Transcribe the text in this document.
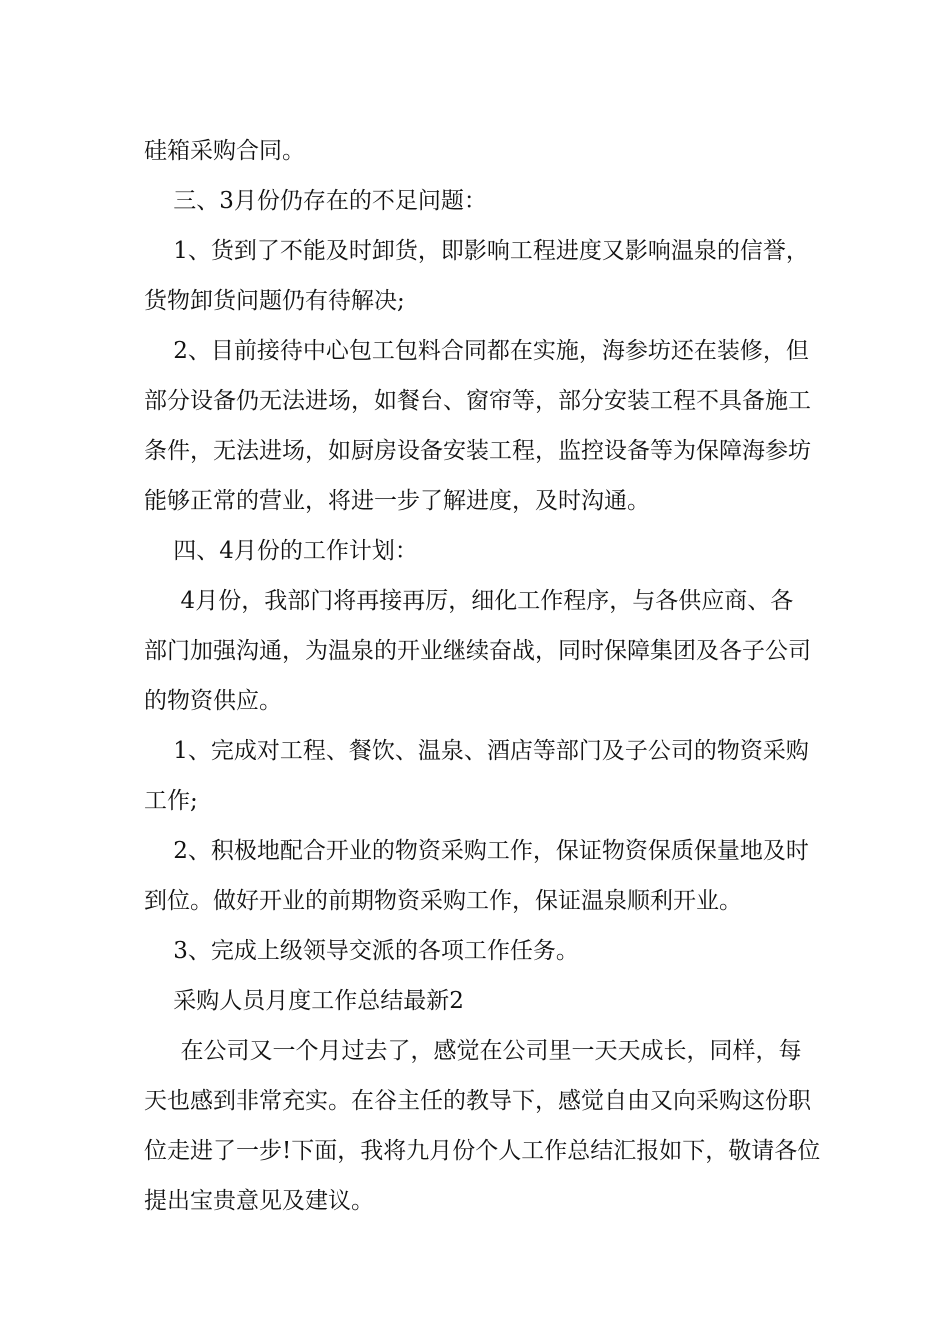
硅箱采购合同。

三、3月份仍存在的不足问题：

1、货到了不能及时卸货，即影响工程进度又影响温泉的信誉，

货物卸货问题仍有待解决;

2、目前接待中心包工包料合同都在实施，海参坊还在装修，但

部分设备仍无法进场，如餐台、窗帘等，部分安装工程不具备施工

条件，无法进场，如厨房设备安装工程，监控设备等为保障海参坊

能够正常的营业，将进一步了解进度，及时沟通。

四、4月份的工作计划：

4月份，我部门将再接再厉，细化工作程序，与各供应商、各

部门加强沟通，为温泉的开业继续奋战，同时保障集团及各子公司

的物资供应。

1、完成对工程、餐饮、温泉、酒店等部门及子公司的物资采购

工作;

2、积极地配合开业的物资采购工作，保证物资保质保量地及时

到位。做好开业的前期物资采购工作，保证温泉顺利开业。

3、完成上级领导交派的各项工作任务。

采购人员月度工作总结最新2

在公司又一个月过去了，感觉在公司里一天天成长，同样，每

天也感到非常充实。在谷主任的教导下，感觉自由又向采购这份职

位走进了一步!下面，我将九月份个人工作总结汇报如下，敬请各位

提出宝贵意见及建议。
